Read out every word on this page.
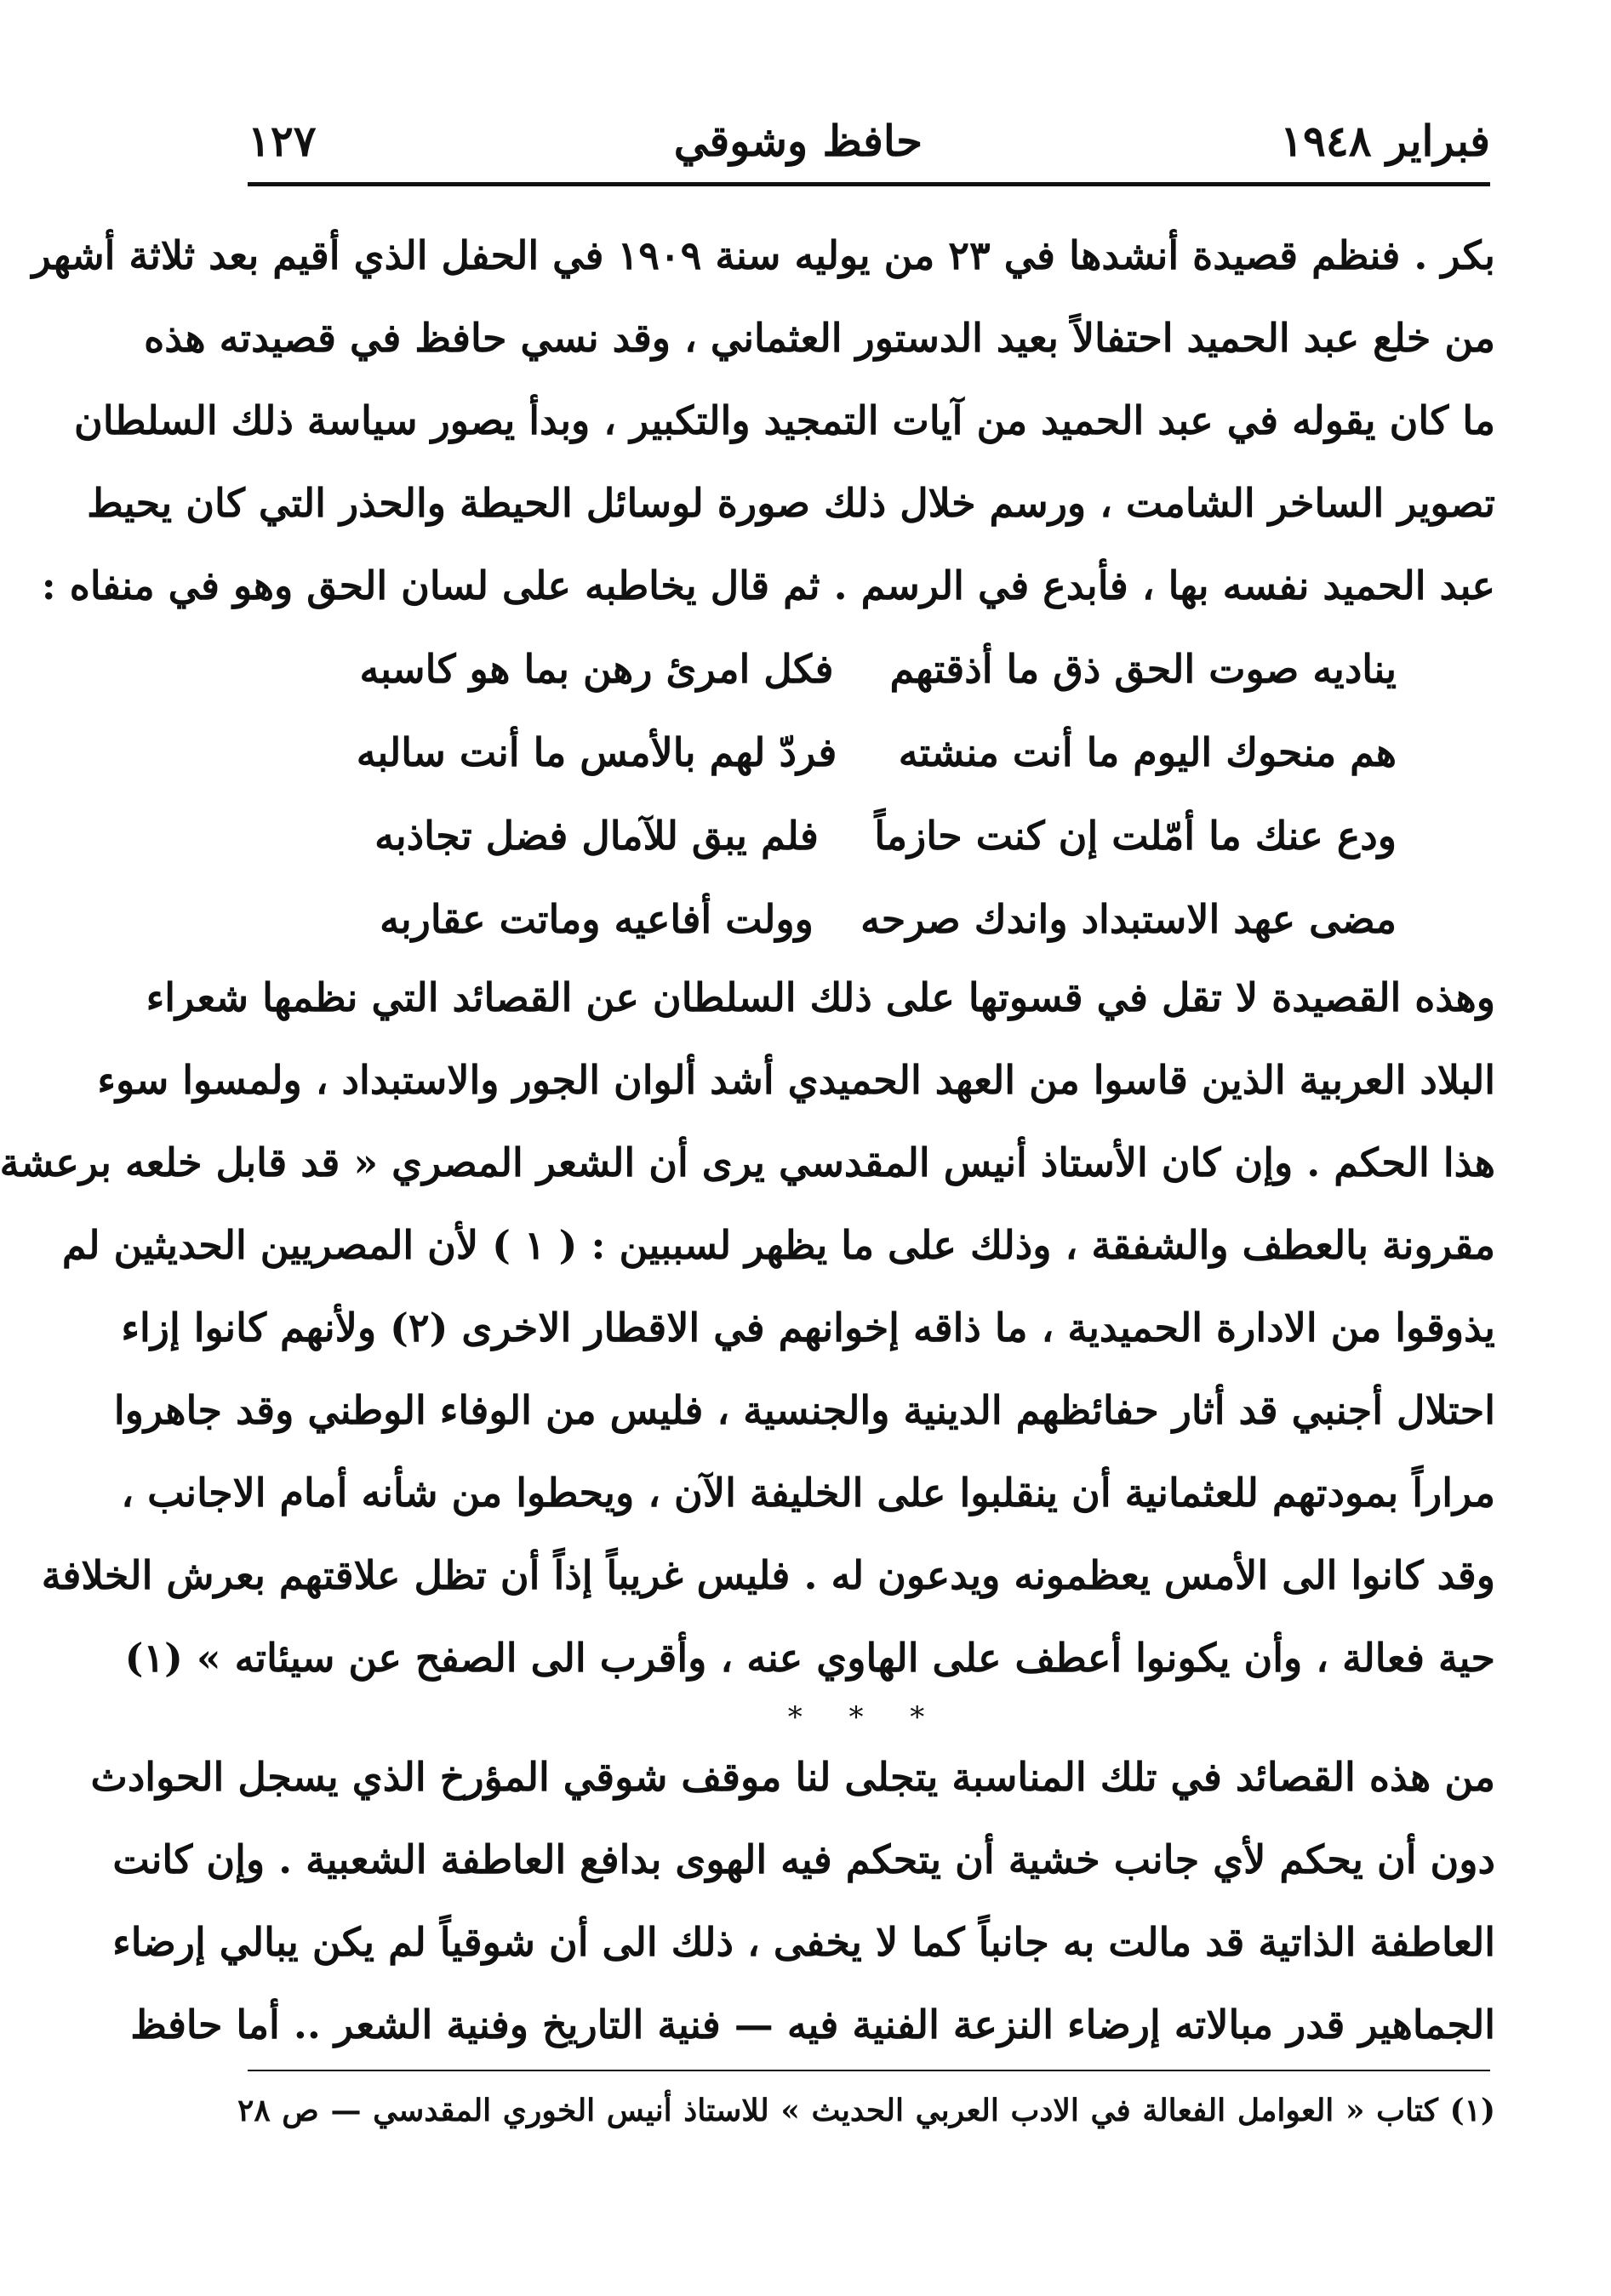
فبراير ١٩٤٨
حافظ وشوقي
١٢٧
بكر . فنظم قصيدة أنشدها في ٢٣ من يوليه سنة ١٩٠٩ في الحفل الذي أقيم بعد ثلاثة أشهر
من خلع عبد الحميد احتفالاً بعيد الدستور العثماني ، وقد نسي حافظ في قصيدته هذه
ما كان يقوله في عبد الحميد من آيات التمجيد والتكبير ، وبدأ يصور سياسة ذلك السلطان
تصوير الساخر الشامت ، ورسم خلال ذلك صورة لوسائل الحيطة والحذر التي كان يحيط
عبد الحميد نفسه بها ، فأبدع في الرسم . ثم قال يخاطبه على لسان الحق وهو في منفاه :
يناديه صوت الحق ذق ما أذقتهم
فكل امرئ رهن بما هو كاسبه
هم منحوك اليوم ما أنت منشته
فردّ لهم بالأمس ما أنت سالبه
ودع عنك ما أمّلت إن كنت حازماً
فلم يبق للآمال فضل تجاذبه
مضى عهد الاستبداد واندك صرحه
وولت أفاعيه وماتت عقاربه
وهذه القصيدة لا تقل في قسوتها على ذلك السلطان عن القصائد التي نظمها شعراء
البلاد العربية الذين قاسوا من العهد الحميدي أشد ألوان الجور والاستبداد ، ولمسوا سوء
هذا الحكم . وإن كان الأستاذ أنيس المقدسي يرى أن الشعر المصري « قد قابل خلعه برعشة
مقرونة بالعطف والشفقة ، وذلك على ما يظهر لسببين : ( ١ ) لأن المصريين الحديثين لم
يذوقوا من الادارة الحميدية ، ما ذاقه إخوانهم في الاقطار الاخرى (٢) ولأنهم كانوا إزاء
احتلال أجنبي قد أثار حفائظهم الدينية والجنسية ، فليس من الوفاء الوطني وقد جاهروا
مراراً بمودتهم للعثمانية أن ينقلبوا على الخليفة الآن ، ويحطوا من شأنه أمام الاجانب ،
وقد كانوا الى الأمس يعظمونه ويدعون له . فليس غريباً إذاً أن تظل علاقتهم بعرش الخلافة
حية فعالة ، وأن يكونوا أعطف على الهاوي عنه ، وأقرب الى الصفح عن سيئاته » (١)
* * *
من هذه القصائد في تلك المناسبة يتجلى لنا موقف شوقي المؤرخ الذي يسجل الحوادث
دون أن يحكم لأي جانب خشية أن يتحكم فيه الهوى بدافع العاطفة الشعبية . وإن كانت
العاطفة الذاتية قد مالت به جانباً كما لا يخفى ، ذلك الى أن شوقياً لم يكن يبالي إرضاء
الجماهير قدر مبالاته إرضاء النزعة الفنية فيه — فنية التاريخ وفنية الشعر .. أما حافظ
(١) كتاب « العوامل الفعالة في الادب العربي الحديث » للاستاذ أنيس الخوري المقدسي — ص ٢٨
